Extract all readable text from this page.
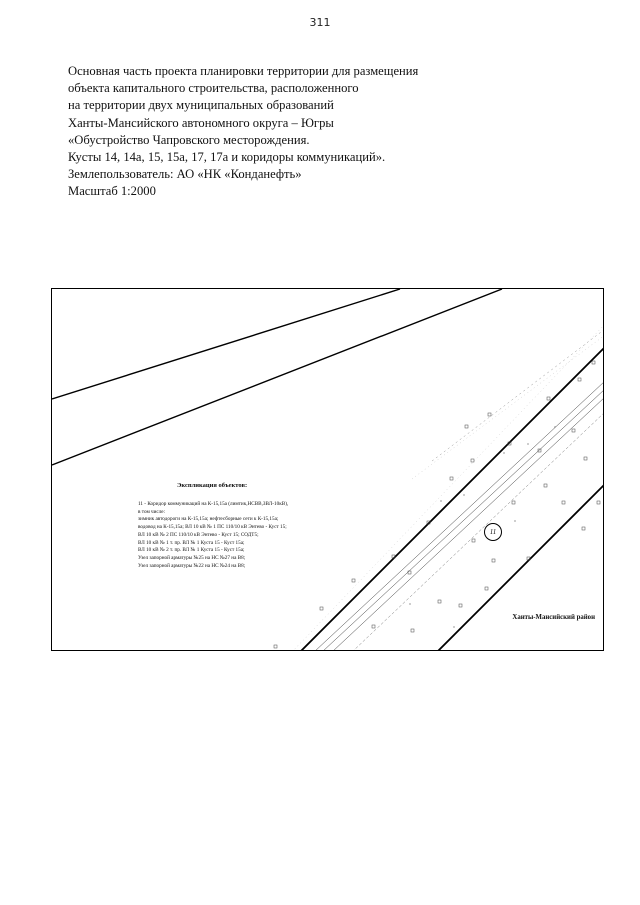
311
Основная часть проекта планировки территории для размещения
объекта капитального строительства, расположенного
на территории двух муниципальных образований
Ханты-Мансийского автономного округа – Югры
«Обустройство Чапровского месторождения.
Кусты 14, 14а, 15, 15а, 17, 17а и коридоры коммуникаций».
Землепользователь: АО «НК «Конданефть»
Масштаб 1:2000
Экспликация объектов:
11 - Коридор коммуникаций на К-15,15а (лимтик,НСВВ,ЗВЛ-10кВ),
в том числе:
зимник автодороги на К-15,15а; нефтесборные сети к К-15,15а;
водовод на К-15,15а; ВЛ 10 кВ № 1 ПС 110/10 кВ Энтево - Куст 15;
ВЛ 10 кВ № 2 ПС 110/10 кВ Энтево - Куст 15; СОДТ5;
ВЛ 10 кВ № 1 т. пр. ВЛ № 1 Куста 15 - Куст 15а;
ВЛ 10 кВ № 2 т. пр. ВЛ № 1 Куста 15 - Куст 15а;
Узел запорной арматуры №25 на НС №27 на В8;
Узел запорной арматуры №22 на НС №24 на В8;
11
Ханты-Мансийский район
